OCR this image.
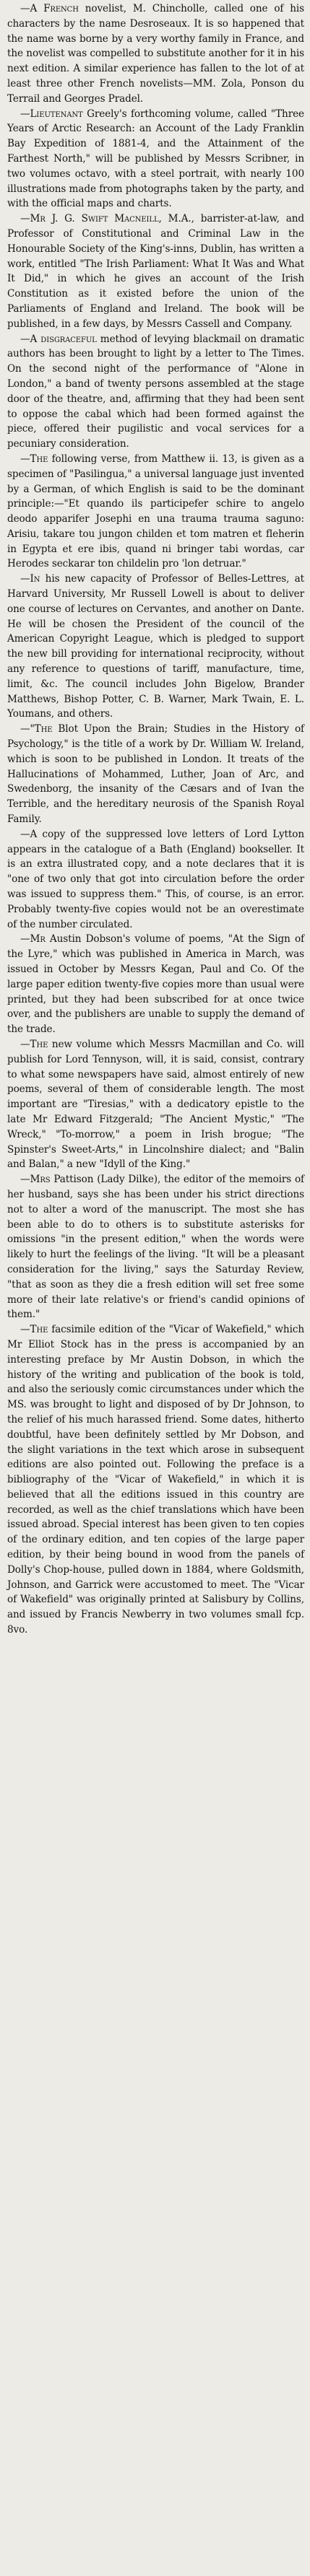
—A French novelist, M. Chincholle, called one of his characters by the name Desroseaux. It is so happened that the name was borne by a very worthy family in France, and the novelist was compelled to substitute another for it in his next edition. A similar experience has fallen to the lot of at least three other French novelists—MM. Zola, Ponson du Terrail and Georges Pradel.

—Lieutenant Greely's forthcoming volume, called "Three Years of Arctic Research: an Account of the Lady Franklin Bay Expedition of 1881-4, and the Attainment of the Farthest North," will be published by Messrs Scribner, in two volumes octavo, with a steel portrait, with nearly 100 illustrations made from photographs taken by the party, and with the official maps and charts.

—Mr J. G. Swift Macneill, M.A., barrister-at-law, and Professor of Constitutional and Criminal Law in the Honourable Society of the King's-inns, Dublin, has written a work, entitled "The Irish Parliament: What It Was and What It Did," in which he gives an account of the Irish Constitution as it existed before the union of the Parliaments of England and Ireland. The book will be published, in a few days, by Messrs Cassell and Company.

—A disgraceful method of levying blackmail on dramatic authors has been brought to light by a letter to The Times. On the second night of the performance of "Alone in London," a band of twenty persons assembled at the stage door of the theatre, and, affirming that they had been sent to oppose the cabal which had been formed against the piece, offered their pugilistic and vocal services for a pecuniary consideration.

—The following verse, from Matthew ii. 13, is given as a specimen of "Pasilingua," a universal language just invented by a German, of which English is said to be the dominant principle:—"Et quando ils participefer schire to angelo deodo apparifer Josephi en una trauma trauma saguno: Arisiu, takare tou jungon childen et tom matren et fleherin in Egypta et ere ibis, quand ni bringer tabi wordas, car Herodes seckarar ton childelin pro 'lon detruar."

—In his new capacity of Professor of Belles-Lettres, at Harvard University, Mr Russell Lowell is about to deliver one course of lectures on Cervantes, and another on Dante. He will be chosen the President of the council of the American Copyright League, which is pledged to support the new bill providing for international reciprocity, without any reference to questions of tariff, manufacture, time, limit, &c. The council includes John Bigelow, Brander Matthews, Bishop Potter, C. B. Warner, Mark Twain, E. L. Youmans, and others.

—"The Blot Upon the Brain; Studies in the History of Psychology," is the title of a work by Dr. William W. Ireland, which is soon to be published in London. It treats of the Hallucinations of Mohammed, Luther, Joan of Arc, and Swedenborg, the insanity of the Cæsars and of Ivan the Terrible, and the hereditary neurosis of the Spanish Royal Family.

—A copy of the suppressed love letters of Lord Lytton appears in the catalogue of a Bath (England) bookseller. It is an extra illustrated copy, and a note declares that it is "one of two only that got into circulation before the order was issued to suppress them." This, of course, is an error. Probably twenty-five copies would not be an overestimate of the number circulated.

—Mr Austin Dobson's volume of poems, "At the Sign of the Lyre," which was published in America in March, was issued in October by Messrs Kegan, Paul and Co. Of the large paper edition twenty-five copies more than usual were printed, but they had been subscribed for at once twice over, and the publishers are unable to supply the demand of the trade.

—The new volume which Messrs Macmillan and Co. will publish for Lord Tennyson, will, it is said, consist, contrary to what some newspapers have said, almost entirely of new poems, several of them of considerable length. The most important are "Tiresias," with a dedicatory epistle to the late Mr Edward Fitzgerald; "The Ancient Mystic," "The Wreck," "To-morrow," a poem in Irish brogue; "The Spinster's Sweet-Arts," in Lincolnshire dialect; and "Balin and Balan," a new "Idyll of the King."

—Mrs Pattison (Lady Dilke), the editor of the memoirs of her husband, says she has been under his strict directions not to alter a word of the manuscript. The most she has been able to do to others is to substitute asterisks for omissions "in the present edition," when the words were likely to hurt the feelings of the living. "It will be a pleasant consideration for the living," says the Saturday Review, "that as soon as they die a fresh edition will set free some more of their late relative's or friend's candid opinions of them."

—The facsimile edition of the "Vicar of Wakefield," which Mr Elliot Stock has in the press is accompanied by an interesting preface by Mr Austin Dobson, in which the history of the writing and publication of the book is told, and also the seriously comic circumstances under which the MS. was brought to light and disposed of by Dr Johnson, to the relief of his much harassed friend. Some dates, hitherto doubtful, have been definitely settled by Mr Dobson, and the slight variations in the text which arose in subsequent editions are also pointed out. Following the preface is a bibliography of the "Vicar of Wakefield," in which it is believed that all the editions issued in this country are recorded, as well as the chief translations which have been issued abroad. Special interest has been given to ten copies of the ordinary edition, and ten copies of the large paper edition, by their being bound in wood from the panels of Dolly's Chop-house, pulled down in 1884, where Goldsmith, Johnson, and Garrick were accustomed to meet. The "Vicar of Wakefield" was originally printed at Salisbury by Collins, and issued by Francis Newberry in two volumes small fcp. 8vo.
